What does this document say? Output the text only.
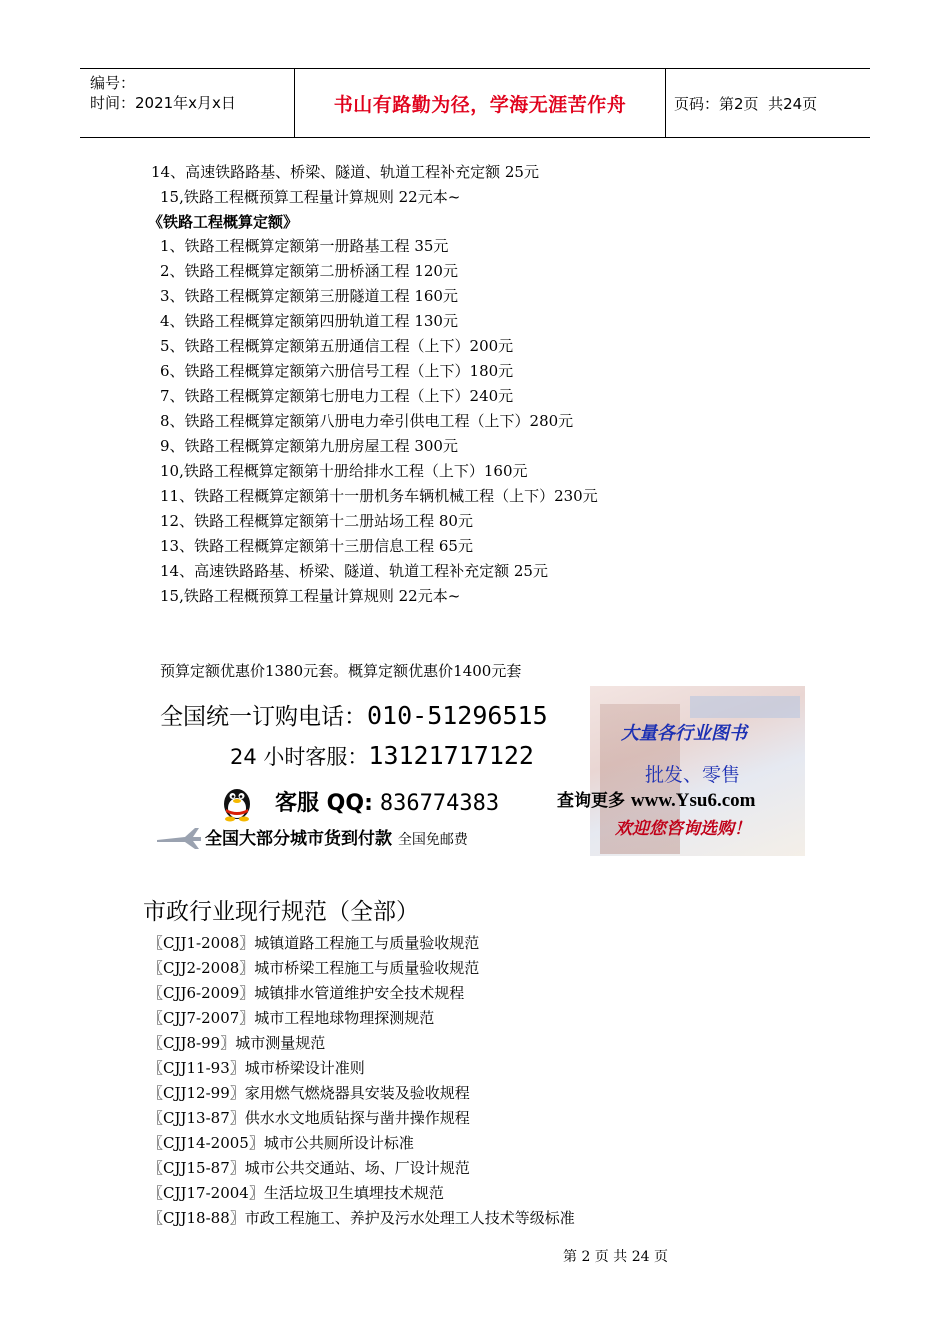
编号：
时间：2021年x月x日	书山有路勤为径，学海无涯苦作舟	页码：第2页  共24页
14、高速铁路路基、桥梁、隧道、轨道工程补充定额 25元
15,铁路工程概预算工程量计算规则 22元本~
《铁路工程概算定额》
1、铁路工程概算定额第一册路基工程 35元
2、铁路工程概算定额第二册桥涵工程 120元
3、铁路工程概算定额第三册隧道工程 160元
4、铁路工程概算定额第四册轨道工程 130元
5、铁路工程概算定额第五册通信工程（上下）200元
6、铁路工程概算定额第六册信号工程（上下）180元
7、铁路工程概算定额第七册电力工程（上下）240元
8、铁路工程概算定额第八册电力牵引供电工程（上下）280元
9、铁路工程概算定额第九册房屋工程 300元
10,铁路工程概算定额第十册给排水工程（上下）160元
11、铁路工程概算定额第十一册机务车辆机械工程（上下）230元
12、铁路工程概算定额第十二册站场工程 80元
13、铁路工程概算定额第十三册信息工程 65元
14、高速铁路路基、桥梁、隧道、轨道工程补充定额 25元
15,铁路工程概预算工程量计算规则 22元本~
预算定额优惠价1380元套。概算定额优惠价1400元套
全国统一订购电话：010-51296515
24 小时客服：13121717122
客服 QQ: 836774383
全国大部分城市货到付款 全国免邮费
查询更多 www.Ysu6.com
大量各行业图书
批发、零售
欢迎您咨询选购！
市政行业现行规范（全部）
〖CJJ1-2008〗城镇道路工程施工与质量验收规范
〖CJJ2-2008〗城市桥梁工程施工与质量验收规范
〖CJJ6-2009〗城镇排水管道维护安全技术规程
〖CJJ7-2007〗城市工程地球物理探测规范
〖CJJ8-99〗城市测量规范
〖CJJ11-93〗城市桥梁设计准则
〖CJJ12-99〗家用燃气燃烧器具安装及验收规程
〖CJJ13-87〗供水水文地质钻探与凿井操作规程
〖CJJ14-2005〗城市公共厕所设计标准
〖CJJ15-87〗城市公共交通站、场、厂设计规范
〖CJJ17-2004〗生活垃圾卫生填埋技术规范
〖CJJ18-88〗市政工程施工、养护及污水处理工人技术等级标准
第 2 页 共 24 页
